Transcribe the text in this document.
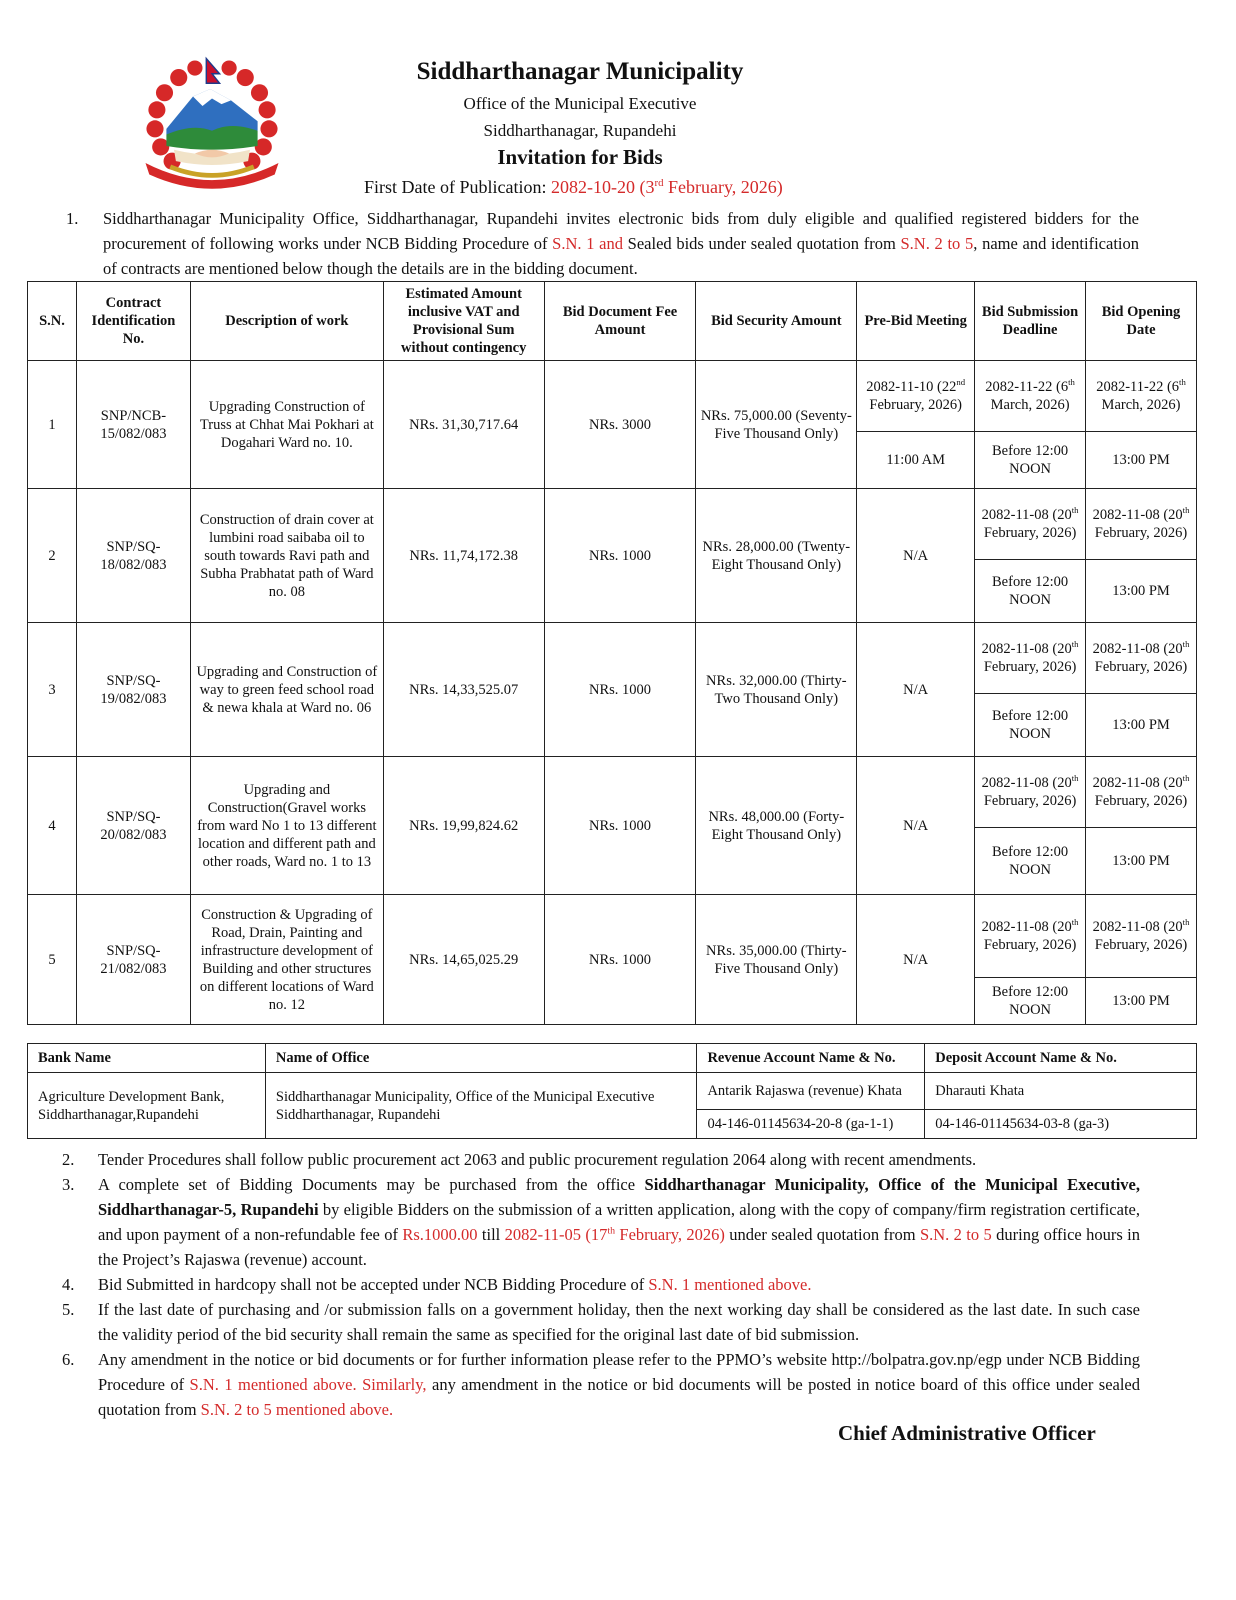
Siddharthanagar Municipality
Office of the Municipal Executive
Siddharthanagar, Rupandehi
Invitation for Bids
First Date of Publication: 2082-10-20 (3rd February, 2026)
1. Siddharthanagar Municipality Office, Siddharthanagar, Rupandehi invites electronic bids from duly eligible and qualified registered bidders for the procurement of following works under NCB Bidding Procedure of S.N. 1 and Sealed bids under sealed quotation from S.N. 2 to 5, name and identification of contracts are mentioned below though the details are in the bidding document.
S.N.	Contract Identification No.	Description of work	Estimated Amount inclusive VAT and Provisional Sum without contingency	Bid Document Fee Amount	Bid Security Amount	Pre-Bid Meeting	Bid Submission Deadline	Bid Opening Date
1	SNP/NCB-15/082/083	Upgrading Construction of Truss at Chhat Mai Pokhari at Dogahari Ward no. 10.	NRs. 31,30,717.64	NRs. 3000	NRs. 75,000.00 (Seventy-Five Thousand Only)	2082-11-10 (22nd February, 2026)	2082-11-22 (6th March, 2026)	2082-11-22 (6th March, 2026)
						11:00 AM	Before 12:00 NOON	13:00 PM
2	SNP/SQ-18/082/083	Construction of drain cover at lumbini road saibaba oil to south towards Ravi path and Subha Prabhatat path of Ward no. 08	NRs. 11,74,172.38	NRs. 1000	NRs. 28,000.00 (Twenty-Eight Thousand Only)	N/A	2082-11-08 (20th February, 2026)	2082-11-08 (20th February, 2026)
							Before 12:00 NOON	13:00 PM
3	SNP/SQ-19/082/083	Upgrading and Construction of way to green feed school road & newa khala at Ward no. 06	NRs. 14,33,525.07	NRs. 1000	NRs. 32,000.00 (Thirty-Two Thousand Only)	N/A	2082-11-08 (20th February, 2026)	2082-11-08 (20th February, 2026)
							Before 12:00 NOON	13:00 PM
4	SNP/SQ-20/082/083	Upgrading and Construction(Gravel works from ward No 1 to 13 different location and different path and other roads, Ward no. 1 to 13	NRs. 19,99,824.62	NRs. 1000	NRs. 48,000.00 (Forty-Eight Thousand Only)	N/A	2082-11-08 (20th February, 2026)	2082-11-08 (20th February, 2026)
							Before 12:00 NOON	13:00 PM
5	SNP/SQ-21/082/083	Construction & Upgrading of Road, Drain, Painting and infrastructure development of Building and other structures on different locations of Ward no. 12	NRs. 14,65,025.29	NRs. 1000	NRs. 35,000.00 (Thirty-Five Thousand Only)	N/A	2082-11-08 (20th February, 2026)	2082-11-08 (20th February, 2026)
							Before 12:00 NOON	13:00 PM
Bank Name	Name of Office	Revenue Account Name & No.	Deposit Account Name & No.
Agriculture Development Bank, Siddharthanagar,Rupandehi	Siddharthanagar Municipality, Office of the Municipal Executive Siddharthanagar, Rupandehi	Antarik Rajaswa (revenue) Khata	Dharauti Khata
		04-146-01145634-20-8 (ga-1-1)	04-146-01145634-03-8 (ga-3)
2. Tender Procedures shall follow public procurement act 2063 and public procurement regulation 2064 along with recent amendments.
3. A complete set of Bidding Documents may be purchased from the office Siddharthanagar Municipality, Office of the Municipal Executive, Siddharthanagar-5, Rupandehi by eligible Bidders on the submission of a written application, along with the copy of company/firm registration certificate, and upon payment of a non-refundable fee of Rs.1000.00 till 2082-11-05 (17th February, 2026) under sealed quotation from S.N. 2 to 5 during office hours in the Project’s Rajaswa (revenue) account.
4. Bid Submitted in hardcopy shall not be accepted under NCB Bidding Procedure of S.N. 1 mentioned above.
5. If the last date of purchasing and /or submission falls on a government holiday, then the next working day shall be considered as the last date. In such case the validity period of the bid security shall remain the same as specified for the original last date of bid submission.
6. Any amendment in the notice or bid documents or for further information please refer to the PPMO’s website http://bolpatra.gov.np/egp under NCB Bidding Procedure of S.N. 1 mentioned above. Similarly, any amendment in the notice or bid documents will be posted in notice board of this office under sealed quotation from S.N. 2 to 5 mentioned above.
Chief Administrative Officer
